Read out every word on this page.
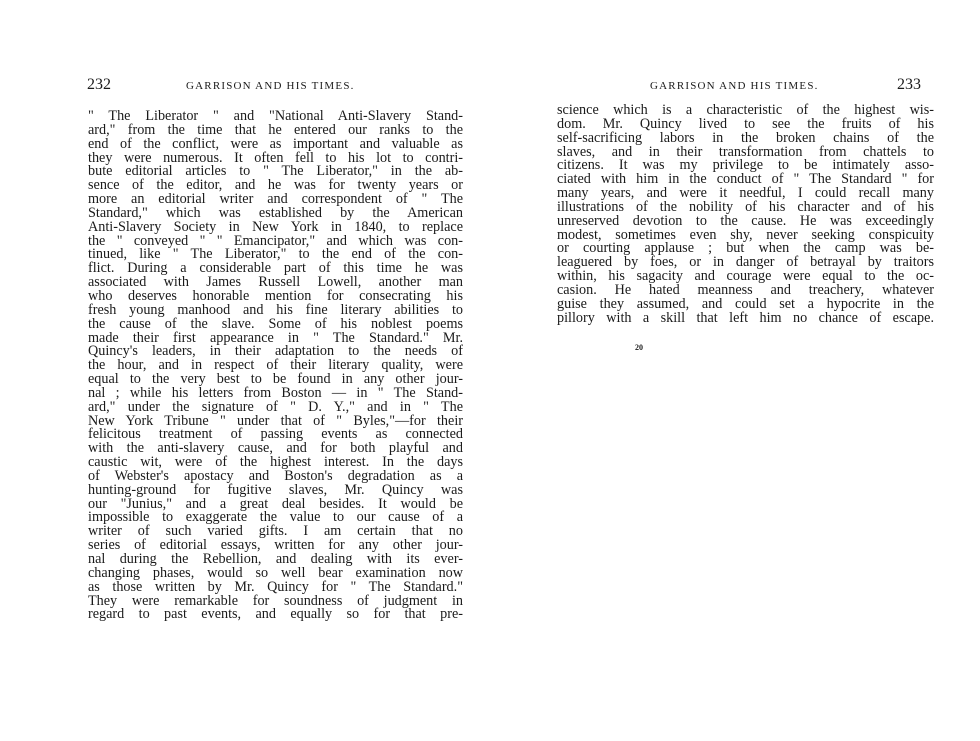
232	GARRISON AND HIS TIMES.
" The Liberator " and "National Anti-Slavery Stand-
ard," from the time that he entered our ranks to the
end of the conflict, were as important and valuable as
they were numerous. It often fell to his lot to contri-
bute editorial articles to " The Liberator," in the ab-
sence of the editor, and he was for twenty years or
more an editorial writer and correspondent of " The
Standard," which was established by the American
Anti-Slavery Society in New York in 1840, to replace
the " conveyed " " Emancipator," and which was con-
tinued, like " The Liberator," to the end of the con-
flict. During a considerable part of this time he was
associated with James Russell Lowell, another man
who deserves honorable mention for consecrating his
fresh young manhood and his fine literary abilities to
the cause of the slave. Some of his noblest poems
made their first appearance in " The Standard." Mr.
Quincy's leaders, in their adaptation to the needs of
the hour, and in respect of their literary quality, were
equal to the very best to be found in any other jour-
nal ; while his letters from Boston — in " The Stand-
ard," under the signature of " D. Y.," and in " The
New York Tribune " under that of " Byles,"—for their
felicitous treatment of passing events as connected
with the anti-slavery cause, and for both playful and
caustic wit, were of the highest interest. In the days
of Webster's apostacy and Boston's degradation as a
hunting-ground for fugitive slaves, Mr. Quincy was
our "Junius," and a great deal besides. It would be
impossible to exaggerate the value to our cause of a
writer of such varied gifts. I am certain that no
series of editorial essays, written for any other jour-
nal during the Rebellion, and dealing with its ever-
changing phases, would so well bear examination now
as those written by Mr. Quincy for " The Standard."
They were remarkable for soundness of judgment in
regard to past events, and equally so for that pre-
GARRISON AND HIS TIMES.	233
science which is a characteristic of the highest wis-
dom. Mr. Quincy lived to see the fruits of his
self-sacrificing labors in the broken chains of the
slaves, and in their transformation from chattels to
citizens. It was my privilege to be intimately asso-
ciated with him in the conduct of " The Standard " for
many years, and were it needful, I could recall many
illustrations of the nobility of his character and of his
unreserved devotion to the cause. He was exceedingly
modest, sometimes even shy, never seeking conspicuity
or courting applause ; but when the camp was be-
leaguered by foes, or in danger of betrayal by traitors
within, his sagacity and courage were equal to the oc-
casion. He hated meanness and treachery, whatever
guise they assumed, and could set a hypocrite in the
pillory with a skill that left him no chance of escape.
20
